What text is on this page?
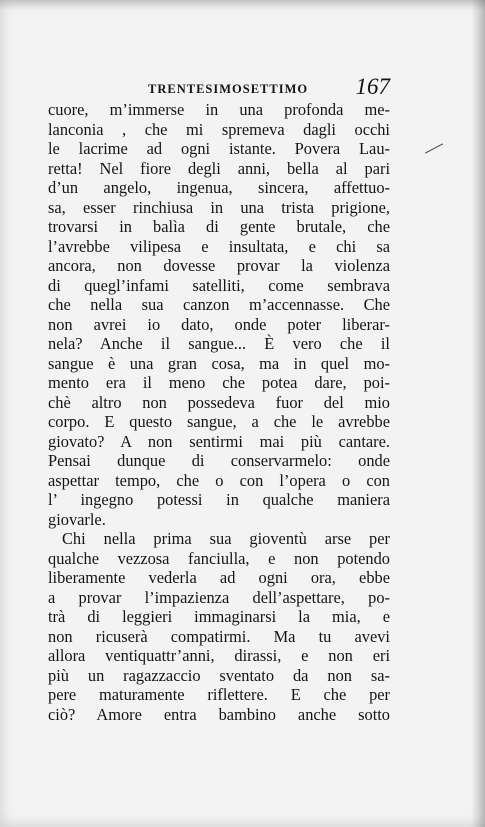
TRENTESIMOSETTIMO 167
cuore, m’immerse in una profonda me-
lanconia , che mi spremeva dagli occhi
le lacrime ad ogni istante. Povera Lau-
retta! Nel fiore degli anni, bella al pari
d’un angelo, ingenua, sincera, affettuo-
sa, esser rinchiusa in una trista prigione,
trovarsi in balìa di gente brutale, che
l’avrebbe vilipesa e insultata, e chi sa
ancora, non dovesse provar la violenza
di quegl’infami satelliti, come sembrava
che nella sua canzon m’accennasse. Che
non avrei io dato, onde poter liberar-
nela? Anche il sangue... È vero che il
sangue è una gran cosa, ma in quel mo-
mento era il meno che potea dare, poi-
chè altro non possedeva fuor del mio
corpo. E questo sangue, a che le avrebbe
giovato? A non sentirmi mai più cantare.
Pensai dunque di conservarmelo: onde
aspettar tempo, che o con l’opera o con
l’ ingegno potessi in qualche maniera
giovarle.
Chi nella prima sua gioventù arse per
qualche vezzosa fanciulla, e non potendo
liberamente vederla ad ogni ora, ebbe
a provar l’impazienza dell’aspettare, po-
trà di leggieri immaginarsi la mia, e
non ricuserà compatirmi. Ma tu avevi
allora ventiquattr’anni, dirassi, e non eri
più un ragazzaccio sventato da non sa-
pere maturamente riflettere. E che per
ciò? Amore entra bambino anche sotto
